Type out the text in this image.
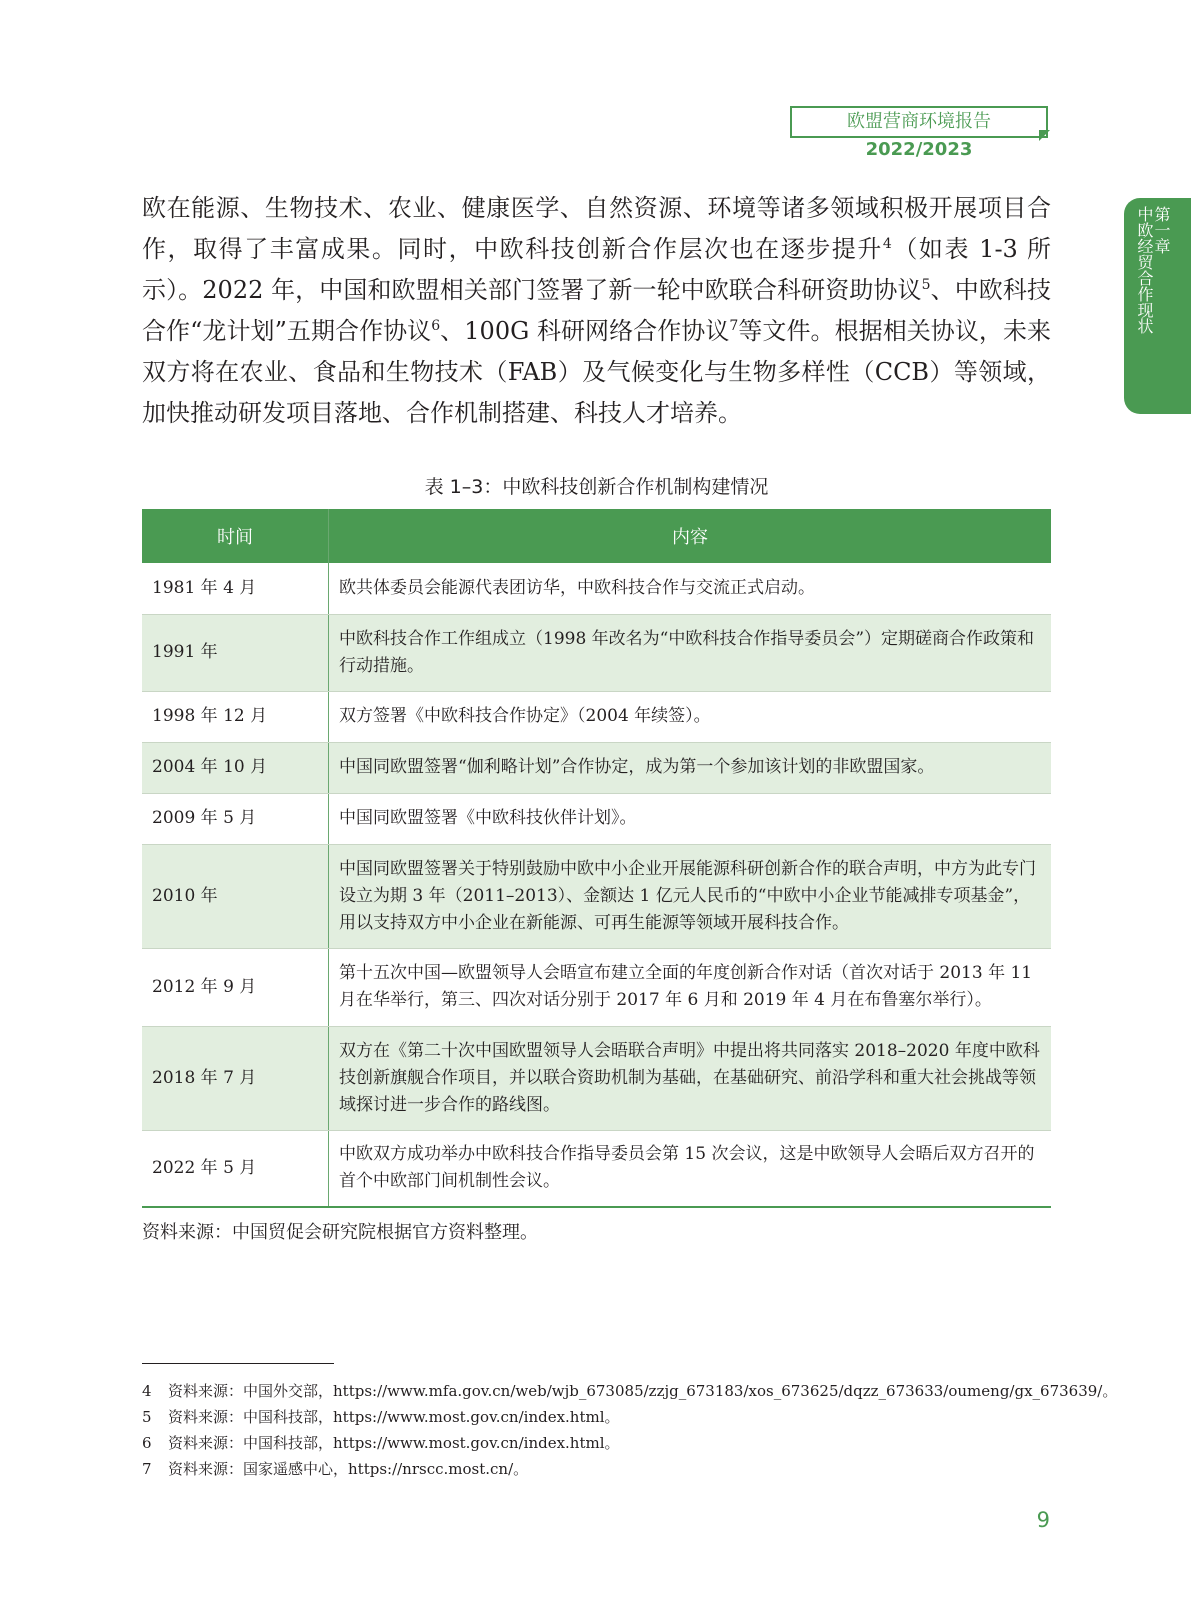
欧盟营商环境报告 2022/2023
第一章
中欧经贸合作现状

欧在能源、生物技术、农业、健康医学、自然资源、环境等诸多领域积极开展项目合作，取得了丰富成果。同时，中欧科技创新合作层次也在逐步提升$^4$（如表 1-3 所示）。2022 年，中国和欧盟相关部门签署了新一轮中欧联合科研资助协议$^5$、中欧科技合作“龙计划”五期合作协议$^6$、100G 科研网络合作协议$^7$等文件。根据相关协议，未来双方将在农业、食品和生物技术（FAB）及气候变化与生物多样性（CCB）等领域，加快推动研发项目落地、合作机制搭建、科技人才培养。

表 1–3：中欧科技创新合作机制构建情况
时间	内容
1981 年 4 月	欧共体委员会能源代表团访华，中欧科技合作与交流正式启动。
1991 年	中欧科技合作工作组成立（1998 年改名为“中欧科技合作指导委员会”）定期磋商合作政策和行动措施。
1998 年 12 月	双方签署《中欧科技合作协定》（2004 年续签）。
2004 年 10 月	中国同欧盟签署“伽利略计划”合作协定，成为第一个参加该计划的非欧盟国家。
2009 年 5 月	中国同欧盟签署《中欧科技伙伴计划》。
2010 年	中国同欧盟签署关于特别鼓励中欧中小企业开展能源科研创新合作的联合声明，中方为此专门设立为期 3 年（2011–2013）、金额达 1 亿元人民币的“中欧中小企业节能减排专项基金”，用以支持双方中小企业在新能源、可再生能源等领域开展科技合作。
2012 年 9 月	第十五次中国—欧盟领导人会晤宣布建立全面的年度创新合作对话（首次对话于 2013 年 11 月在华举行，第三、四次对话分别于 2017 年 6 月和 2019 年 4 月在布鲁塞尔举行）。
2018 年 7 月	双方在《第二十次中国欧盟领导人会晤联合声明》中提出将共同落实 2018–2020 年度中欧科技创新旗舰合作项目，并以联合资助机制为基础，在基础研究、前沿学科和重大社会挑战等领域探讨进一步合作的路线图。
2022 年 5 月	中欧双方成功举办中欧科技合作指导委员会第 15 次会议，这是中欧领导人会晤后双方召开的首个中欧部门间机制性会议。
资料来源：中国贸促会研究院根据官方资料整理。
4 资料来源：中国外交部，https://www.mfa.gov.cn/web/wjb_673085/zzjg_673183/xos_673625/dqzz_673633/oumeng/gx_673639/。
5 资料来源：中国科技部，https://www.most.gov.cn/index.html。
6 资料来源：中国科技部，https://www.most.gov.cn/index.html。
7 资料来源：国家遥感中心，https://nrscc.most.cn/。
9
